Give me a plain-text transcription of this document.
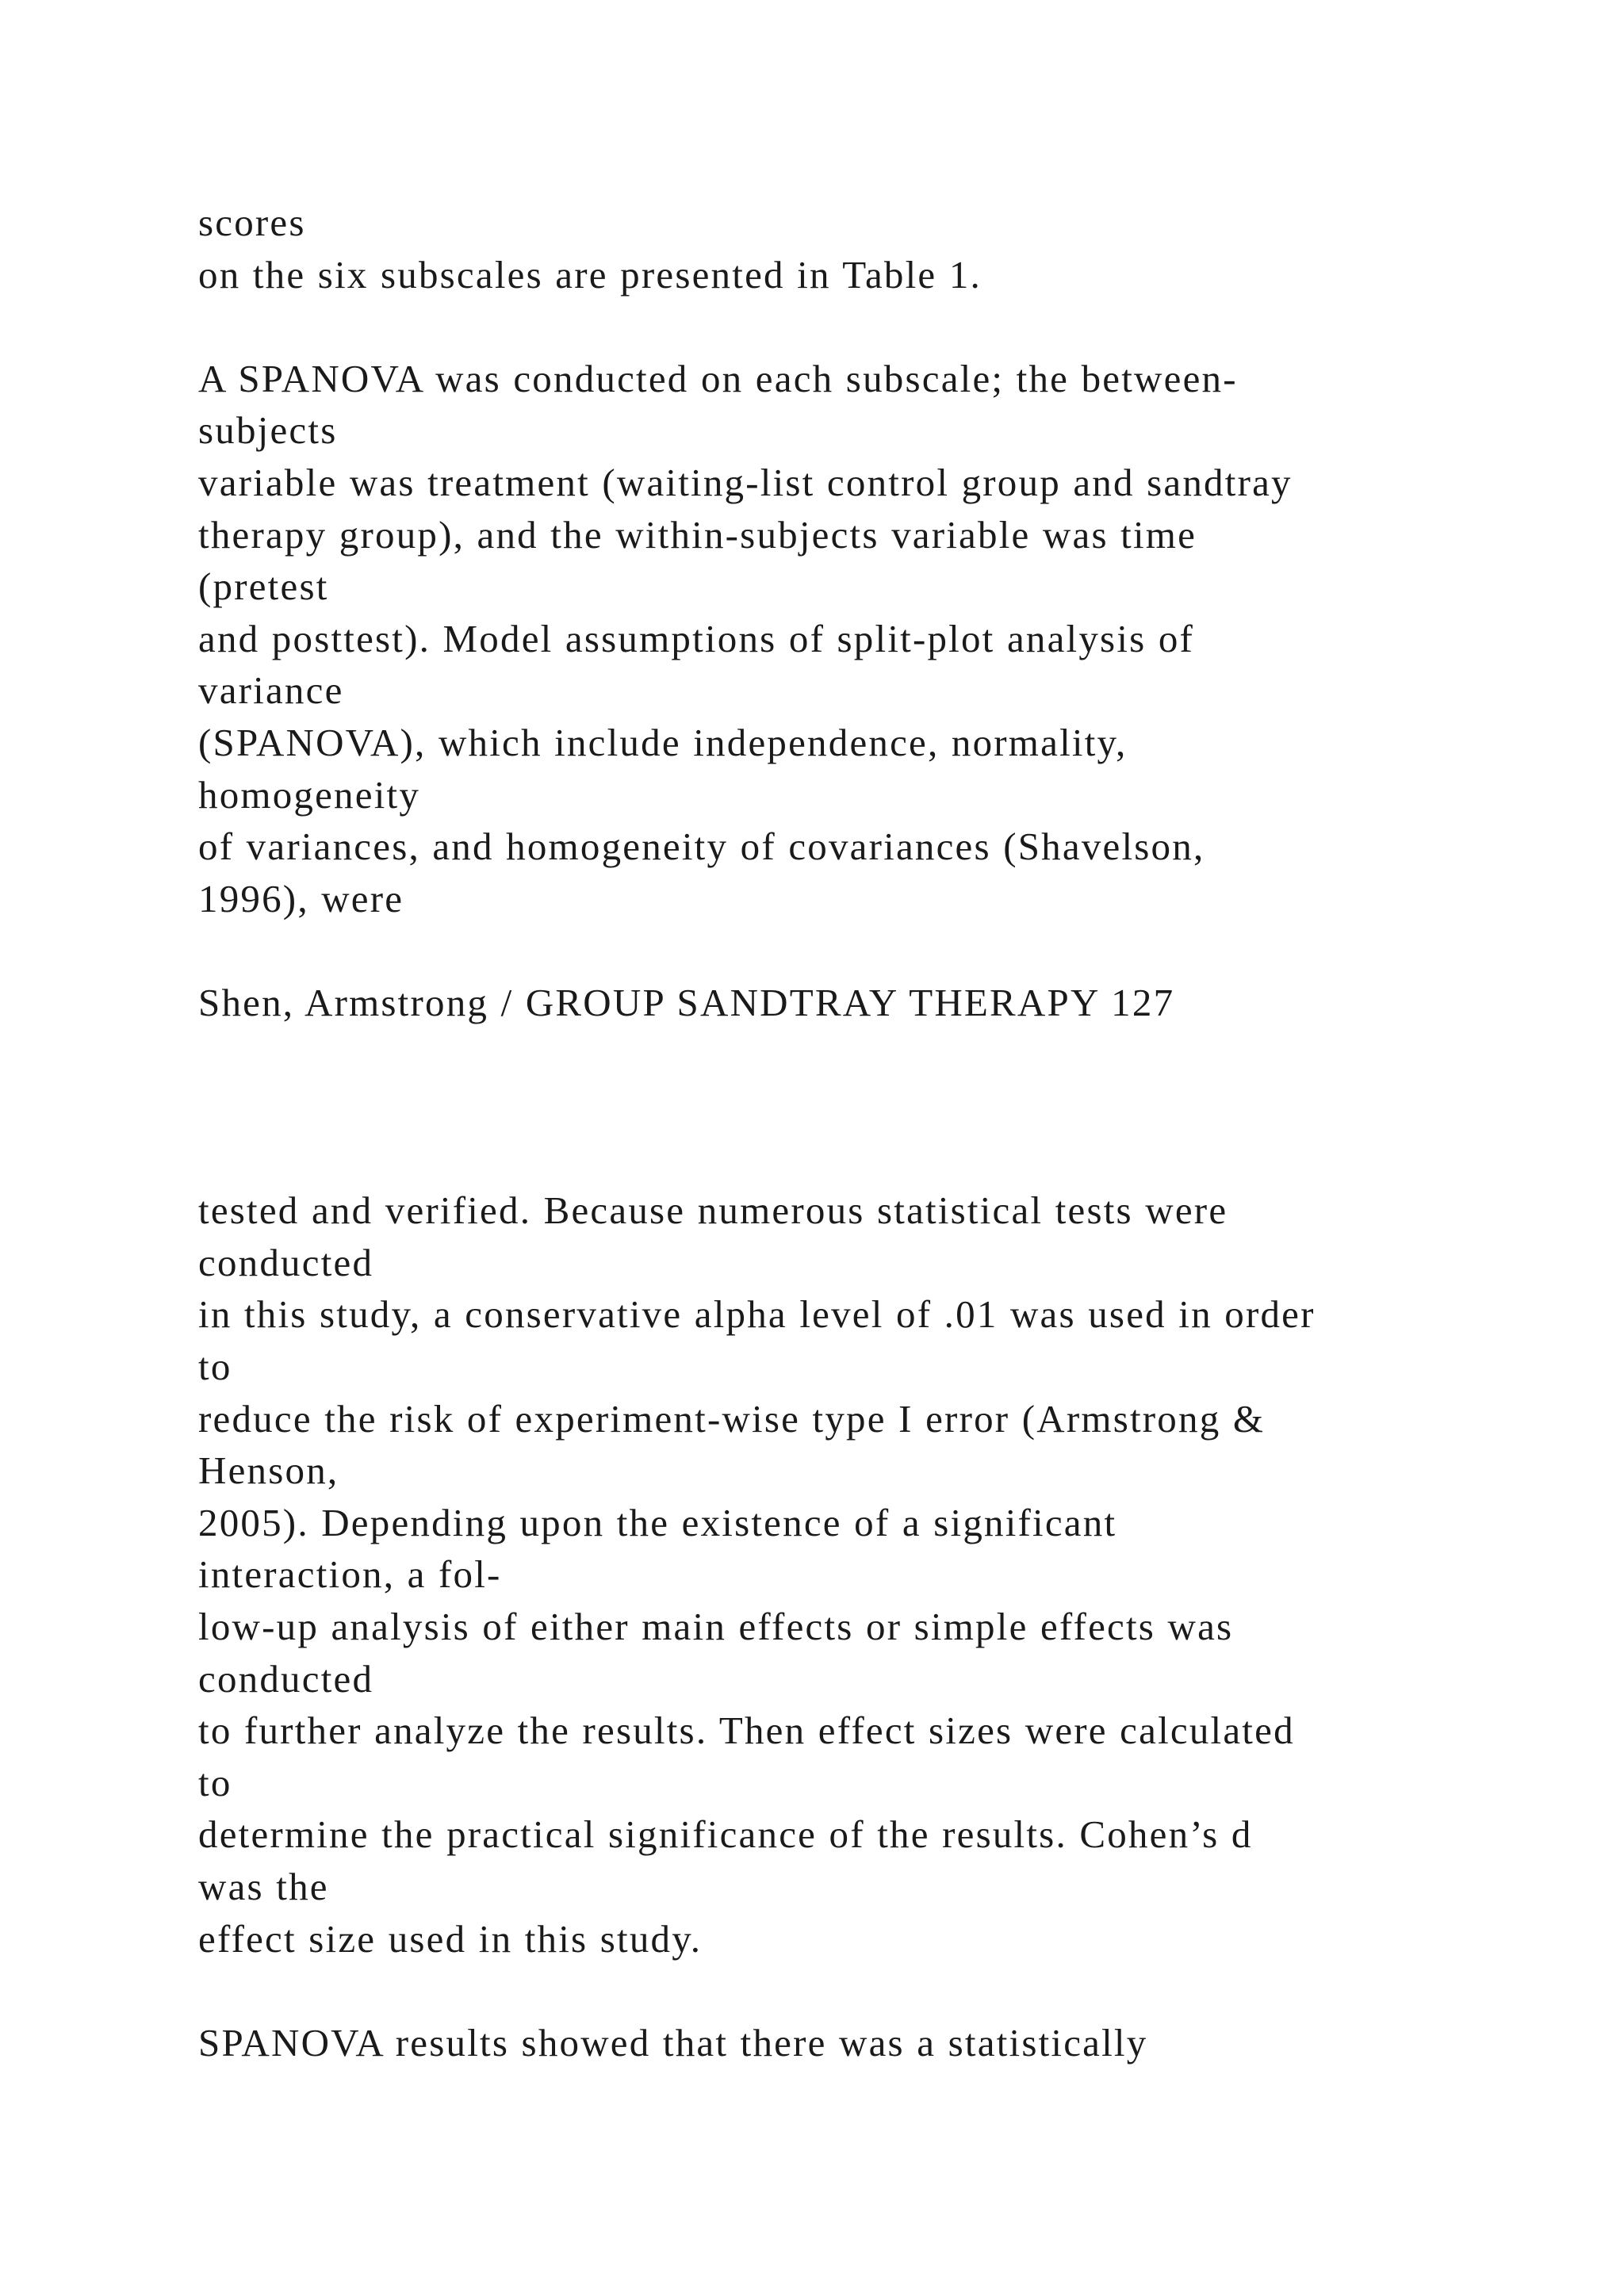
scores
on the six subscales are presented in Table 1.
A SPANOVA was conducted on each subscale; the between-
subjects
variable was treatment (waiting-list control group and sandtray
therapy group), and the within-subjects variable was time
(pretest
and posttest). Model assumptions of split-plot analysis of
variance
(SPANOVA), which include independence, normality,
homogeneity
of variances, and homogeneity of covariances (Shavelson,
1996), were
Shen, Armstrong / GROUP SANDTRAY THERAPY 127
tested and verified. Because numerous statistical tests were
conducted
in this study, a conservative alpha level of .01 was used in order
to
reduce the risk of experiment-wise type I error (Armstrong &
Henson,
2005). Depending upon the existence of a significant
interaction, a fol-
low-up analysis of either main effects or simple effects was
conducted
to further analyze the results. Then effect sizes were calculated
to
determine the practical significance of the results. Cohen’s d
was the
effect size used in this study.
SPANOVA results showed that there was a statistically
